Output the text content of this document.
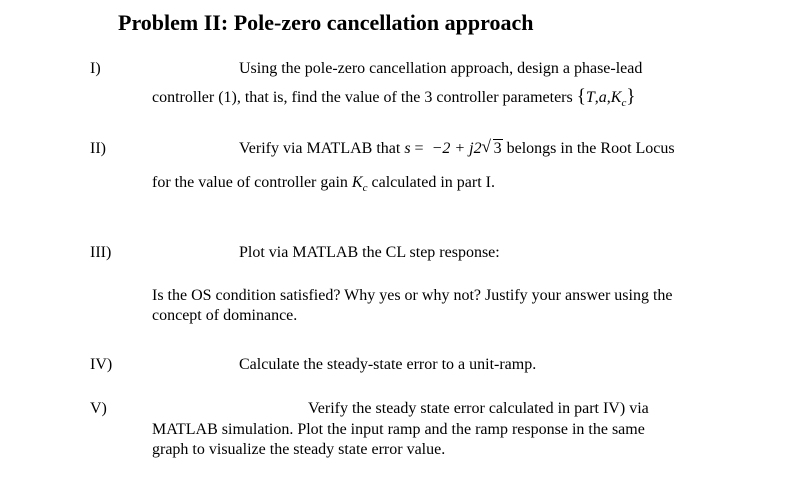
Problem II: Pole-zero cancellation approach
I)	Using the pole-zero cancellation approach, design a phase-lead
controller (1), that is, find the value of the 3 controller parameters $\{T,a,K_c\}$
II)	Verify via MATLAB that s = −2 + j2 √ 3 belongs in the Root Locus
for the value of controller gain $K_c$ calculated in part I.
III)	Plot via MATLAB the CL step response:
Is the OS condition satisfied? Why yes or why not? Justify your answer using the
concept of dominance.
IV)	Calculate the steady-state error to a unit-ramp.
V)	Verify the steady state error calculated in part IV) via
MATLAB simulation. Plot the input ramp and the ramp response in the same
graph to visualize the steady state error value.
